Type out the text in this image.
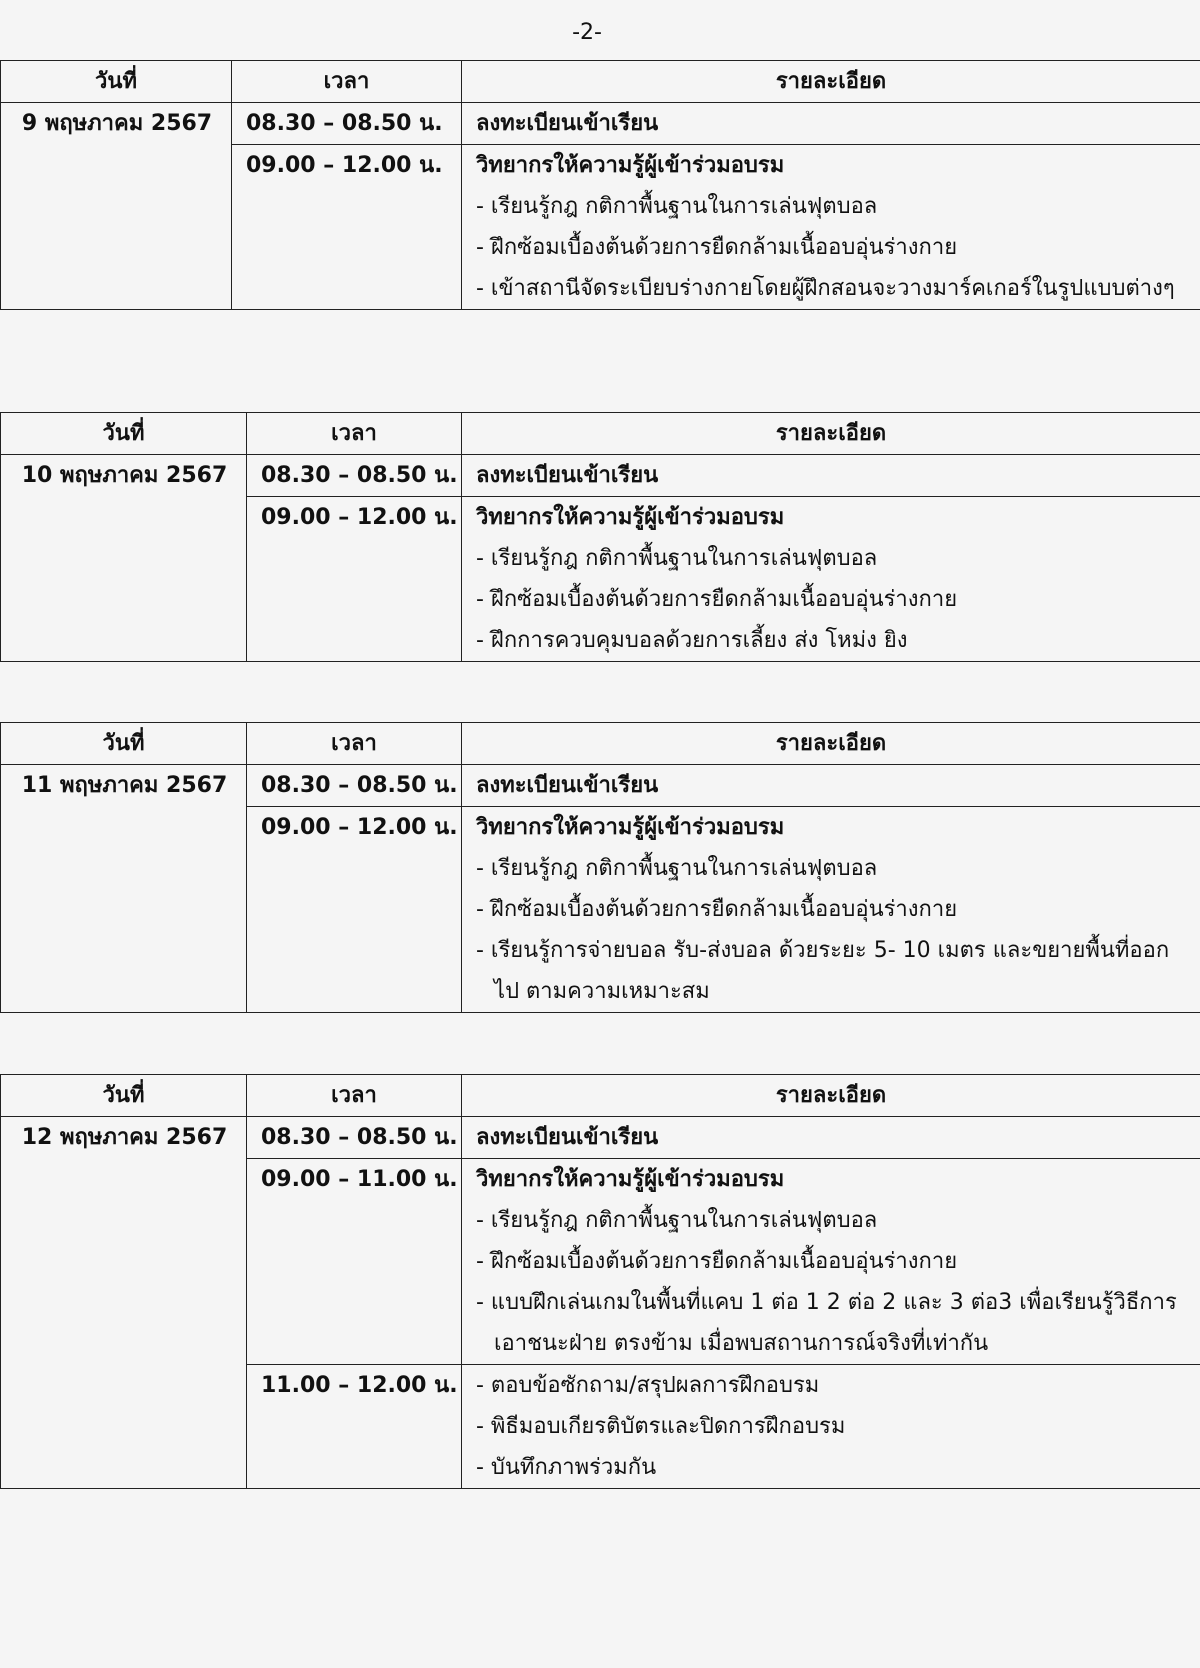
-2-
วันที่	เวลา	รายละเอียด
9 พฤษภาคม 2567	08.30 – 08.50 น.	ลงทะเบียนเข้าเรียน

	09.00 – 12.00 น.	วิทยากรให้ความรู้ผู้เข้าร่วมอบรม
- เรียนรู้กฎ กติกาพื้นฐานในการเล่นฟุตบอล
- ฝึกซ้อมเบื้องต้นด้วยการยืดกล้ามเนื้ออบอุ่นร่างกาย
- เข้าสถานีจัดระเบียบร่างกายโดยผู้ฝึกสอนจะวางมาร์คเกอร์ในรูปแบบต่างๆ
วันที่	เวลา	รายละเอียด
10 พฤษภาคม 2567	08.30 – 08.50 น.	ลงทะเบียนเข้าเรียน

	09.00 – 12.00 น.	วิทยากรให้ความรู้ผู้เข้าร่วมอบรม
- เรียนรู้กฎ กติกาพื้นฐานในการเล่นฟุตบอล
- ฝึกซ้อมเบื้องต้นด้วยการยืดกล้ามเนื้ออบอุ่นร่างกาย
- ฝึกการควบคุมบอลด้วยการเลี้ยง ส่ง โหม่ง ยิง
วันที่	เวลา	รายละเอียด
11 พฤษภาคม 2567	08.30 – 08.50 น.	ลงทะเบียนเข้าเรียน

	09.00 – 12.00 น.	วิทยากรให้ความรู้ผู้เข้าร่วมอบรม
- เรียนรู้กฎ กติกาพื้นฐานในการเล่นฟุตบอล
- ฝึกซ้อมเบื้องต้นด้วยการยืดกล้ามเนื้ออบอุ่นร่างกาย
- เรียนรู้การจ่ายบอล รับ-ส่งบอล ด้วยระยะ 5- 10 เมตร และขยายพื้นที่ออกไป ตามความเหมาะสม
วันที่	เวลา	รายละเอียด
12 พฤษภาคม 2567	08.30 – 08.50 น.	ลงทะเบียนเข้าเรียน

	09.00 – 11.00 น.	วิทยากรให้ความรู้ผู้เข้าร่วมอบรม
- เรียนรู้กฎ กติกาพื้นฐานในการเล่นฟุตบอล
- ฝึกซ้อมเบื้องต้นด้วยการยืดกล้ามเนื้ออบอุ่นร่างกาย
- แบบฝึกเล่นเกมในพื้นที่แคบ 1 ต่อ 1 2 ต่อ 2 และ 3 ต่อ3 เพื่อเรียนรู้วิธีการเอาชนะฝ่าย ตรงข้าม เมื่อพบสถานการณ์จริงที่เท่ากัน

	11.00 – 12.00 น.	- ตอบข้อซักถาม/สรุปผลการฝึกอบรม
- พิธีมอบเกียรติบัตรและปิดการฝึกอบรม
- บันทึกภาพร่วมกัน
